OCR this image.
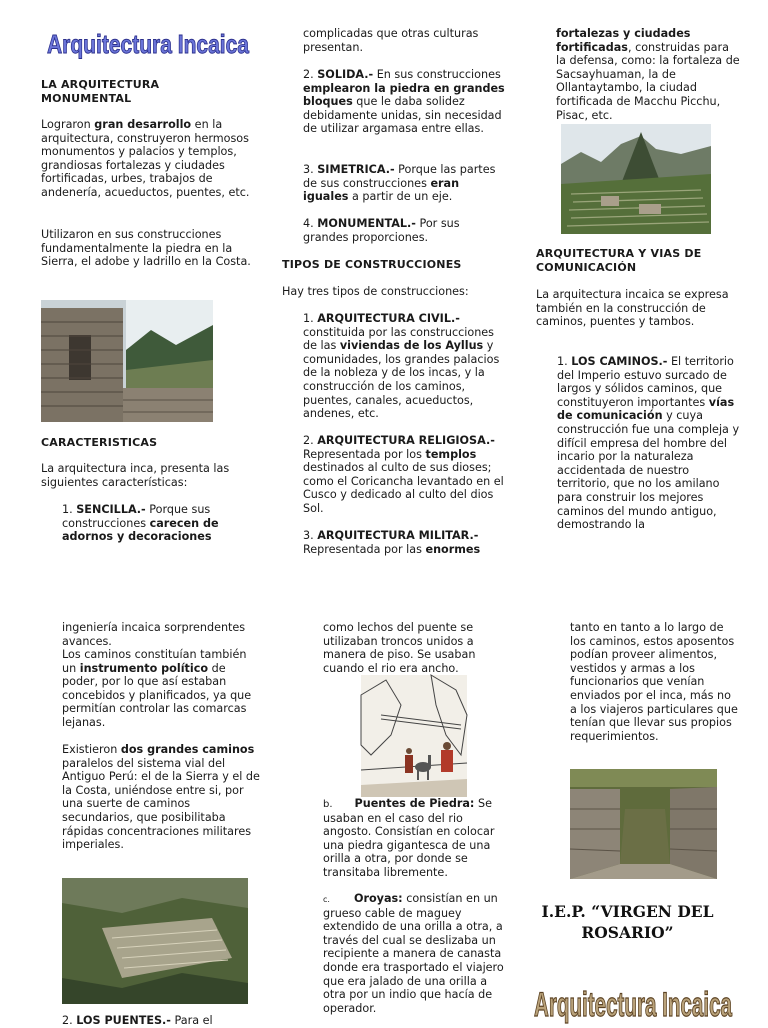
Arquitectura Incaica
LA ARQUITECTURA MONUMENTAL
Lograron gran desarrollo en la arquitectura, construyeron hermosos monumentos y palacios y templos, grandiosas fortalezas y ciudades fortificadas, urbes, trabajos de andenería, acueductos, puentes, etc.
Utilizaron en sus construcciones fundamentalmente la piedra en la Sierra, el adobe y ladrillo en la Costa.
CARACTERISTICAS
La arquitectura inca, presenta las siguientes características:
1. SENCILLA.- Porque sus construcciones carecen de adornos y decoraciones
complicadas que otras culturas presentan.
2. SOLIDA.- En sus construcciones emplearon la piedra en grandes bloques que le daba solidez debidamente unidas, sin necesidad de utilizar argamasa entre ellas.
3. SIMETRICA.- Porque las partes de sus construcciones eran iguales a partir de un eje.
4. MONUMENTAL.- Por sus grandes proporciones.
TIPOS DE CONSTRUCCIONES
Hay tres tipos de construcciones:
1. ARQUITECTURA CIVIL.- constituida por las construcciones de las viviendas de los Ayllus y comunidades, los grandes palacios de la nobleza y de los incas, y la construcción de los caminos, puentes, canales, acueductos, andenes, etc.
2. ARQUITECTURA RELIGIOSA.- Representada por los templos destinados al culto de sus dioses; como el Coricancha levantado en el Cusco y dedicado al culto del dios Sol.
3. ARQUITECTURA MILITAR.- Representada por las enormes
fortalezas y ciudades fortificadas, construidas para la defensa, como: la fortaleza de Sacsayhuaman, la de Ollantaytambo, la ciudad fortificada de Macchu Picchu, Pisac, etc.
ARQUITECTURA Y VIAS DE COMUNICACIÓN
La arquitectura incaica se expresa también en la construcción de caminos, puentes y tambos.
1. LOS CAMINOS.- El territorio del Imperio estuvo surcado de largos y sólidos caminos, que constituyeron importantes vías de comunicación y cuya construcción fue una compleja y difícil empresa del hombre del incario por la naturaleza accidentada de nuestro territorio, que no los amilano para construir los mejores caminos del mundo antiguo, demostrando la
ingeniería incaica sorprendentes avances.
Los caminos constituían también un instrumento político de poder, por lo que así estaban concebidos y planificados, ya que permitían controlar las comarcas lejanas.
Existieron dos grandes caminos paralelos del sistema vial del Antiguo Perú: el de la Sierra y el de la Costa, uniéndose entre si, por una suerte de caminos secundarios, que posibilitaba rápidas concentraciones militares imperiales.
2. LOS PUENTES.- Para el
como lechos del puente se utilizaban troncos unidos a manera de piso. Se usaban cuando el rio era ancho.
b. Puentes de Piedra: Se usaban en el caso del rio angosto. Consistían en colocar una piedra gigantesca de una orilla a otra, por donde se transitaba libremente.
c. Oroyas: consistían en un grueso cable de maguey extendido de una orilla a otra, a través del cual se deslizaba un recipiente a manera de canasta donde era trasportado el viajero que era jalado de una orilla a otra por un indio que hacía de operador.
tanto en tanto a lo largo de los caminos, estos aposentos podían proveer alimentos, vestidos y armas a los funcionarios que venían enviados por el inca, más no a los viajeros particulares que tenían que llevar sus propios requerimientos.
I.E.P. “VIRGEN DEL ROSARIO”
Arquitectura Incaica
